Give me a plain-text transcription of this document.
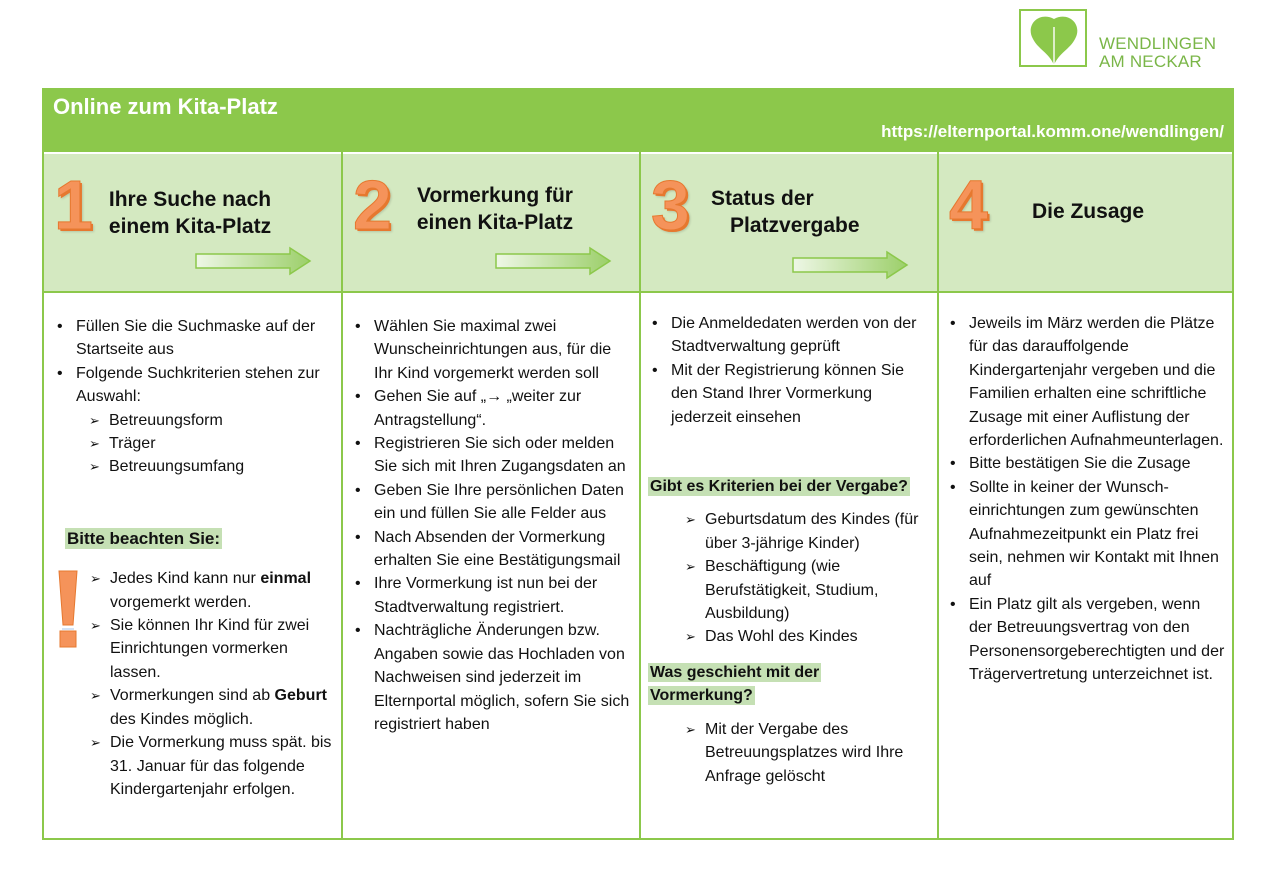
WENDLINGEN
AM NECKAR
Online zum Kita-Platz
https://elternportal.komm.one/wendlingen/
1 Ihre Suche nach
einem Kita-Platz 2	Vormerkung für
einen Kita-Platz 3	Status der
Platzvergabe 4	Die Zusage
• Füllen Sie die Suchmaske auf der Startseite aus
• Folgende Suchkriterien stehen zur Auswahl:
➢ Betreuungsform
➢ Träger
➢ Betreuungsumfang
Bitte beachten Sie:
➢ Jedes Kind kann nur einmal vorgemerkt werden.
➢ Sie können Ihr Kind für zwei Einrichtungen vormerken lassen.
➢ Vormerkungen sind ab Geburt des Kindes möglich.
➢ Die Vormerkung muss spät. bis 31. Januar für das folgende Kindergartenjahr erfolgen.
• Wählen Sie maximal zwei Wunscheinrichtungen aus, für die Ihr Kind vorgemerkt werden soll
• Gehen Sie auf „→ „weiter zur Antragstellung“.
• Registrieren Sie sich oder melden Sie sich mit Ihren Zugangsdaten an
• Geben Sie Ihre persönlichen Daten ein und füllen Sie alle Felder aus
• Nach Absenden der Vormerkung erhalten Sie eine Bestätigungsmail
• Ihre Vormerkung ist nun bei der Stadtverwaltung registriert.
• Nachträgliche Änderungen bzw. Angaben sowie das Hochladen von Nachweisen sind jederzeit im Elternportal möglich, sofern Sie sich registriert haben
• Die Anmeldedaten werden von der Stadtverwaltung geprüft
• Mit der Registrierung können Sie den Stand Ihrer Vormerkung jederzeit einsehen
Gibt es Kriterien bei der Vergabe?
➢ Geburtsdatum des Kindes (für über 3-jährige Kinder)
➢ Beschäftigung (wie Berufstätigkeit, Studium, Ausbildung)
➢ Das Wohl des Kindes
Was geschieht mit der
Vormerkung?
➢ Mit der Vergabe des Betreuungsplatzes wird Ihre Anfrage gelöscht
• Jeweils im März werden die Plätze für das darauffolgende Kindergartenjahr vergeben und die Familien erhalten eine schriftliche Zusage mit einer Auflistung der erforderlichen Aufnahmeunterlagen.
• Bitte bestätigen Sie die Zusage
• Sollte in keiner der Wunsch-einrichtungen zum gewünschten Aufnahmezeitpunkt ein Platz frei sein, nehmen wir Kontakt mit Ihnen auf
• Ein Platz gilt als vergeben, wenn der Betreuungsvertrag von den Personensorgeberechtigten und der Trägervertretung unterzeichnet ist.
